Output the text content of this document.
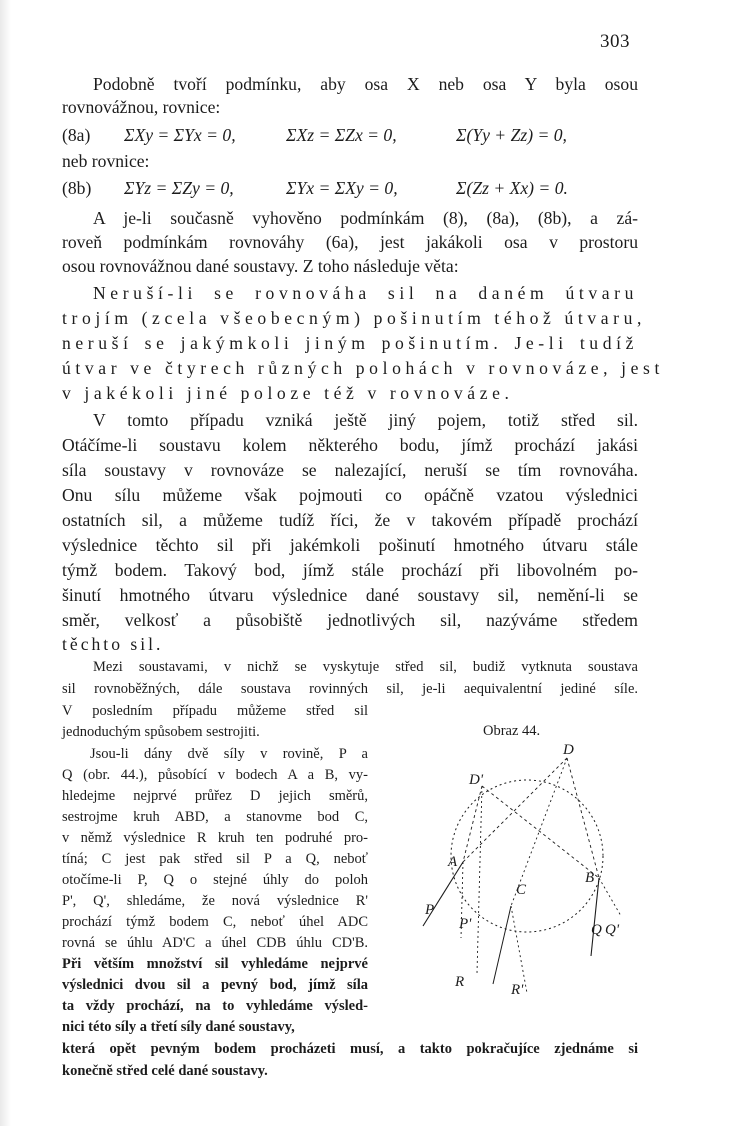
303
Podobně tvoří podmínku, aby osa X neb osa Y byla osou
rovnovážnou, rovnice:
(8a) ΣXy = ΣYx = 0,	ΣXz = ΣZx = 0,	Σ(Yy + Zz) = 0,
neb rovnice:
(8b) ΣYz = ΣZy = 0,	ΣYx = ΣXy = 0,	Σ(Zz + Xx) = 0.
A je-li současně vyhověno podmínkám (8), (8a), (8b), a zá-
roveň podmínkám rovnováhy (6a), jest jakákoli osa v prostoru
osou rovnovážnou dané soustavy. Z toho následuje věta:
Neruší-li se rovnováha sil na daném útvaru
trojím (zcela všeobecným) pošinutím téhož útvaru,
neruší se jakýmkoli jiným pošinutím. Je-li tudíž
útvar ve čtyrech různých polohách v rovnováze, jest
v jakékoli jiné poloze též v rovnováze.
V tomto případu vzniká ještě jiný pojem, totiž střed sil.
Otáčíme-li soustavu kolem některého bodu, jímž prochází jakási
síla soustavy v rovnováze se nalezající, neruší se tím rovnováha.
Onu sílu můžeme však pojmouti co opáčně vzatou výslednici
ostatních sil, a můžeme tudíž říci, že v takovém případě prochází
výslednice těchto sil při jakémkoli pošinutí hmotného útvaru stále
týmž bodem. Takový bod, jímž stále prochází při libovolném po-
šinutí hmotného útvaru výslednice dané soustavy sil, nemění-li se
směr, velkosť a působiště jednotlivých sil, nazýváme středem
těchto sil.
Mezi soustavami, v nichž se vyskytuje střed sil, budiž vytknuta soustava
sil rovnoběžných, dále soustava rovinných sil, je-li aequivalentní jediné síle.
V posledním případu můžeme střed sil
jednoduchým spůsobem sestrojiti.
Jsou-li dány dvě síly v rovině, P a
Q (obr. 44.), působící v bodech A a B, vy-
hledejme nejprvé průřez D jejich směrů,
sestrojme kruh ABD, a stanovme bod C,
v němž výslednice R kruh ten podruhé pro-
tíná; C jest pak střed sil P a Q, neboť
otočíme-li P, Q o stejné úhly do poloh
P', Q', shledáme, že nová výslednice R'
prochází týmž bodem C, neboť úhel ADC
rovná se úhlu AD'C a úhel CDB úhlu CD'B.
Při větším množství sil vyhledáme nejprvé
výslednici dvou sil a pevný bod, jímž síla
ta vždy prochází, na to vyhledáme výsled-
nici této síly a třetí síly dané soustavy,
která opět pevným bodem procházeti musí, a takto pokračujíce zjednáme si
konečně střed celé dané soustavy.
Obraz 44.
D
D'
A
B
C
P
P'	Q Q'
R	R'
